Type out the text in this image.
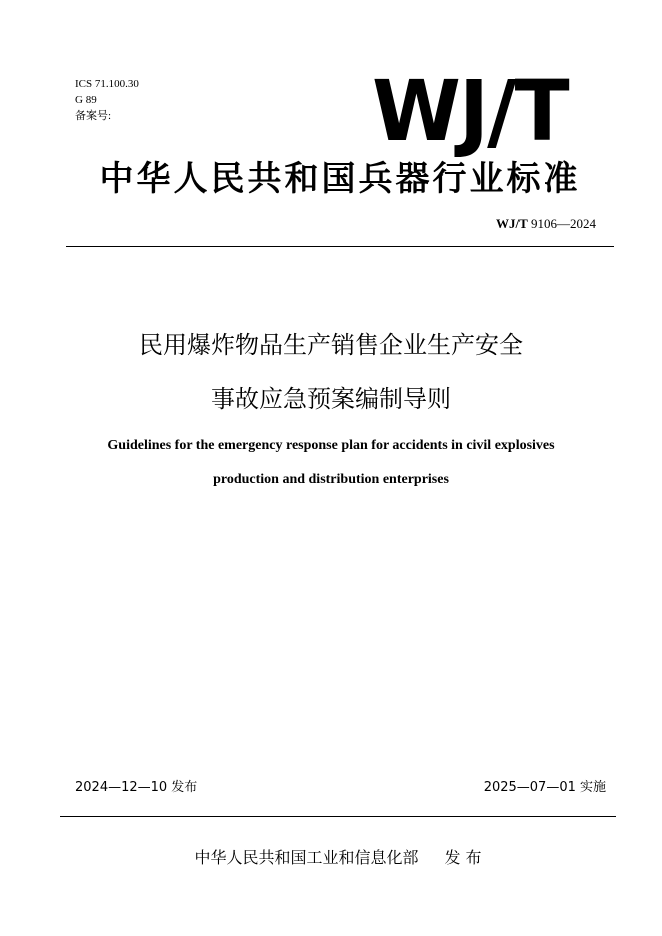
ICS 71.100.30
G 89
备案号:	WJ/T
中华人民共和国兵器行业标准
WJ/T 9106—2024
民用爆炸物品生产销售企业生产安全
事故应急预案编制导则
Guidelines for the emergency response plan for accidents in civil explosives
production and distribution enterprises
2024—12—10 发布	2025—07—01 实施
中华人民共和国工业和信息化部 发 布
